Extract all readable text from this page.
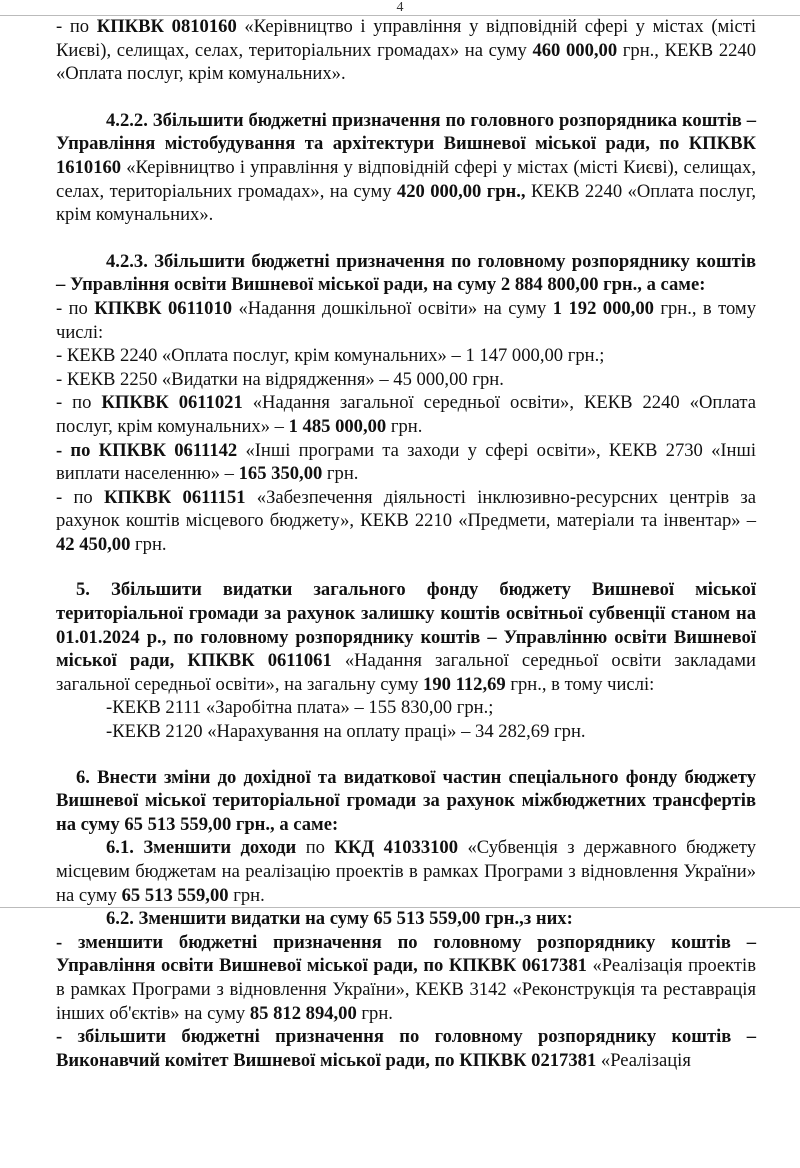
4

- по КПКВК 0810160 «Керівництво і управління у відповідній сфері у містах (місті Києві), селищах, селах, територіальних громадах» на суму 460 000,00 грн., КЕКВ 2240 «Оплата послуг, крім комунальних».

4.2.2. Збільшити бюджетні призначення по головного розпорядника коштів – Управління містобудування та архітектури Вишневої міської ради, по КПКВК 1610160 «Керівництво і управління у відповідній сфері у містах (місті Києві), селищах, селах, територіальних громадах», на суму 420 000,00 грн., КЕКВ 2240 «Оплата послуг, крім комунальних».

4.2.3. Збільшити бюджетні призначення по головному розпоряднику коштів – Управління освіти Вишневої міської ради, на суму 2 884 800,00 грн., а саме:

- по КПКВК 0611010 «Надання дошкільної освіти» на суму 1 192 000,00 грн., в тому числі:

- КЕКВ 2240 «Оплата послуг, крім комунальних» – 1 147 000,00 грн.;

- КЕКВ 2250 «Видатки на відрядження» – 45 000,00 грн.

- по КПКВК 0611021 «Надання загальної середньої освіти», КЕКВ 2240 «Оплата послуг, крім комунальних» – 1 485 000,00 грн.

- по КПКВК 0611142 «Інші програми та заходи у сфері освіти», КЕКВ 2730 «Інші виплати населенню» – 165 350,00 грн.

- по КПКВК 0611151 «Забезпечення діяльності інклюзивно-ресурсних центрів за рахунок коштів місцевого бюджету», КЕКВ 2210 «Предмети, матеріали та інвентар» – 42 450,00 грн.

5. Збільшити видатки загального фонду бюджету Вишневої міської територіальної громади за рахунок залишку коштів освітньої субвенції станом на 01.01.2024 р., по головному розпоряднику коштів – Управлінню освіти Вишневої міської ради, КПКВК 0611061 «Надання загальної середньої освіти закладами загальної середньої освіти», на загальну суму 190 112,69 грн., в тому числі:

-КЕКВ 2111 «Заробітна плата» – 155 830,00 грн.;

-КЕКВ 2120 «Нарахування на оплату праці» – 34 282,69 грн.

6. Внести зміни до дохідної та видаткової частин спеціального фонду бюджету Вишневої міської територіальної громади за рахунок міжбюджетних трансфертів на суму 65 513 559,00 грн., а саме:

6.1. Зменшити доходи по ККД 41033100 «Субвенція з державного бюджету місцевим бюджетам на реалізацію проектів в рамках Програми з відновлення України» на суму 65 513 559,00 грн.

6.2. Зменшити видатки на суму 65 513 559,00 грн.,з них:

- зменшити бюджетні призначення по головному розпоряднику коштів – Управління освіти Вишневої міської ради, по КПКВК 0617381 «Реалізація проектів в рамках Програми з відновлення України», КЕКВ 3142 «Реконструкція та реставрація інших об'єктів» на суму 85 812 894,00 грн.

- збільшити бюджетні призначення по головному розпоряднику коштів – Виконавчий комітет Вишневої міської ради, по КПКВК 0217381 «Реалізація
